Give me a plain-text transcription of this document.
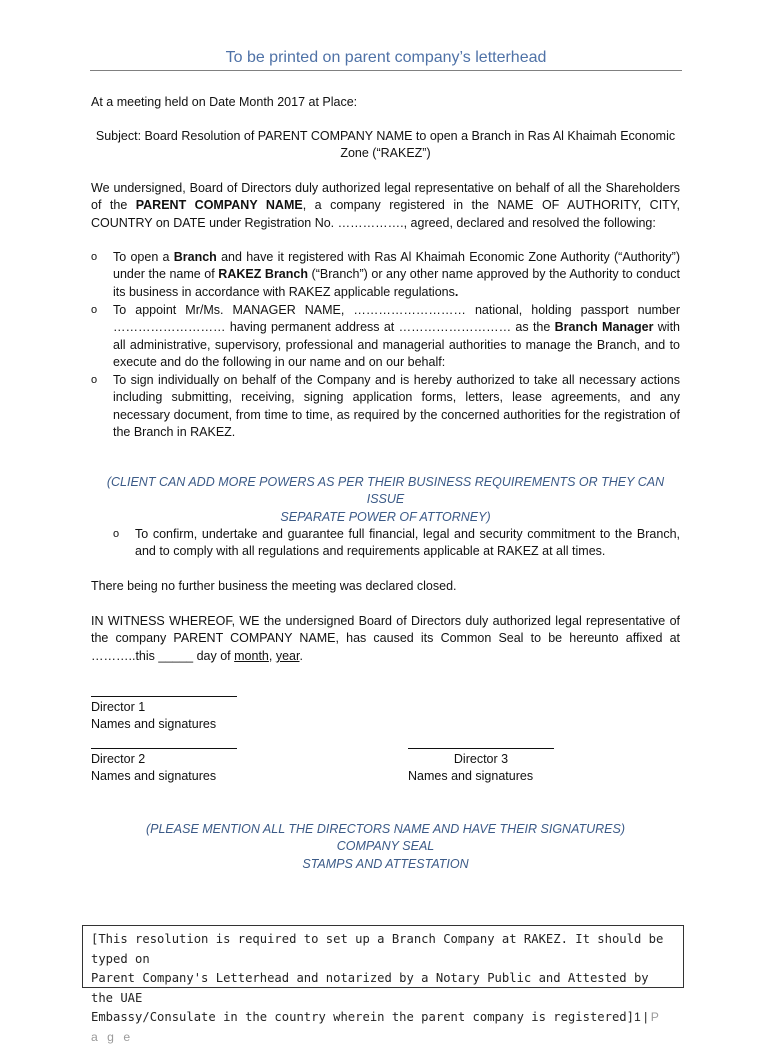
To be printed on parent company’s letterhead

At a meeting held on Date Month 2017 at Place:

Subject: Board Resolution of PARENT COMPANY NAME to open a Branch in Ras Al Khaimah Economic
Zone (“RAKEZ”)

We undersigned, Board of Directors duly authorized legal representative on behalf of all the Shareholders of the PARENT COMPANY NAME, a company registered in the NAME OF AUTHORITY, CITY, COUNTRY on DATE under Registration No. ……………., agreed, declared and resolved the following:

o To open a Branch and have it registered with Ras Al Khaimah Economic Zone Authority (“Authority”) under the name of RAKEZ Branch (“Branch”) or any other name approved by the Authority to conduct its business in accordance with RAKEZ applicable regulations.
o To appoint Mr/Ms. MANAGER NAME, ……………………… national, holding passport number ……………………… having permanent address at ……………………… as the Branch Manager with all administrative, supervisory, professional and managerial authorities to manage the Branch, and to execute and do the following in our name and on our behalf:
o To sign individually on behalf of the Company and is hereby authorized to take all necessary actions including submitting, receiving, signing application forms, letters, lease agreements, and any necessary document, from time to time, as required by the concerned authorities for the registration of the Branch in RAKEZ.
(CLIENT CAN ADD MORE POWERS AS PER THEIR BUSINESS REQUIREMENTS OR THEY CAN ISSUE
SEPARATE POWER OF ATTORNEY)
o To confirm, undertake and guarantee full financial, legal and security commitment to the Branch, and to comply with all regulations and requirements applicable at RAKEZ at all times.

There being no further business the meeting was declared closed.

IN WITNESS WHEREOF, WE the undersigned Board of Directors duly authorized legal representative of the company PARENT COMPANY NAME, has caused its Common Seal to be hereunto affixed at ………..this _____ day of month, year.

Director 1
Names and signatures
Director 2
Names and signatures
Director 3
Names and signatures
(PLEASE MENTION ALL THE DIRECTORS NAME AND HAVE THEIR SIGNATURES)
COMPANY SEAL
STAMPS AND ATTESTATION
[This resolution is required to set up a Branch Company at RAKEZ. It should be typed on
Parent Company's Letterhead and notarized by a Notary Public and Attested by the UAE
Embassy/Consulate in the country wherein the parent company is registered]1 | P a g e
